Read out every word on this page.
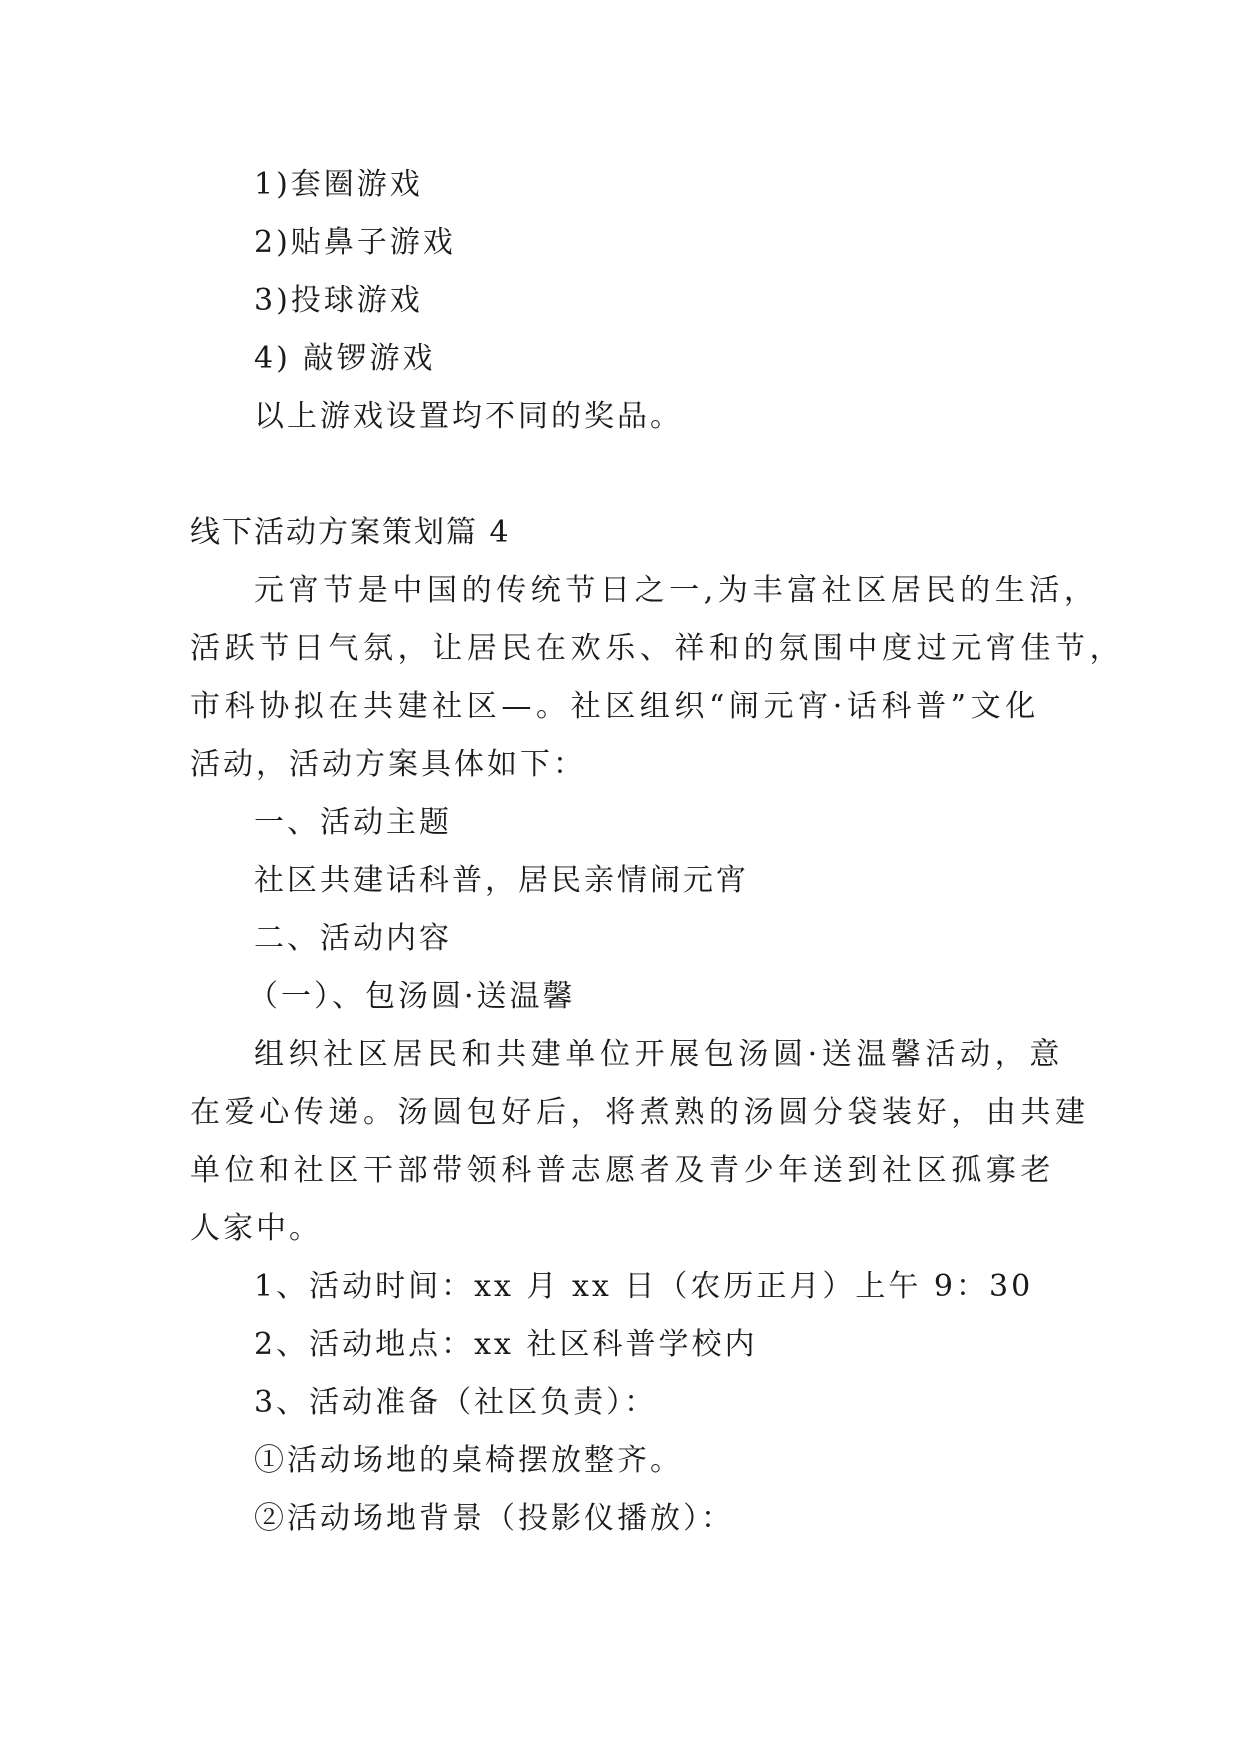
1)套圈游戏
2)贴鼻子游戏
3)投球游戏
4) 敲锣游戏
以上游戏设置均不同的奖品。
线下活动方案策划篇 4
元宵节是中国的传统节日之一,为丰富社区居民的生活，
活跃节日气氛，让居民在欢乐、祥和的氛围中度过元宵佳节，
市科协拟在共建社区—。社区组织“闹元宵·话科普”文化
活动，活动方案具体如下：
一、活动主题
社区共建话科普，居民亲情闹元宵
二、活动内容
（一）、包汤圆·送温馨
组织社区居民和共建单位开展包汤圆·送温馨活动，意
在爱心传递。汤圆包好后，将煮熟的汤圆分袋装好，由共建
单位和社区干部带领科普志愿者及青少年送到社区孤寡老
人家中。
1、活动时间：xx 月 xx 日（农历正月）上午 9：30
2、活动地点：xx 社区科普学校内
3、活动准备（社区负责）：
①活动场地的桌椅摆放整齐。
②活动场地背景（投影仪播放）：
